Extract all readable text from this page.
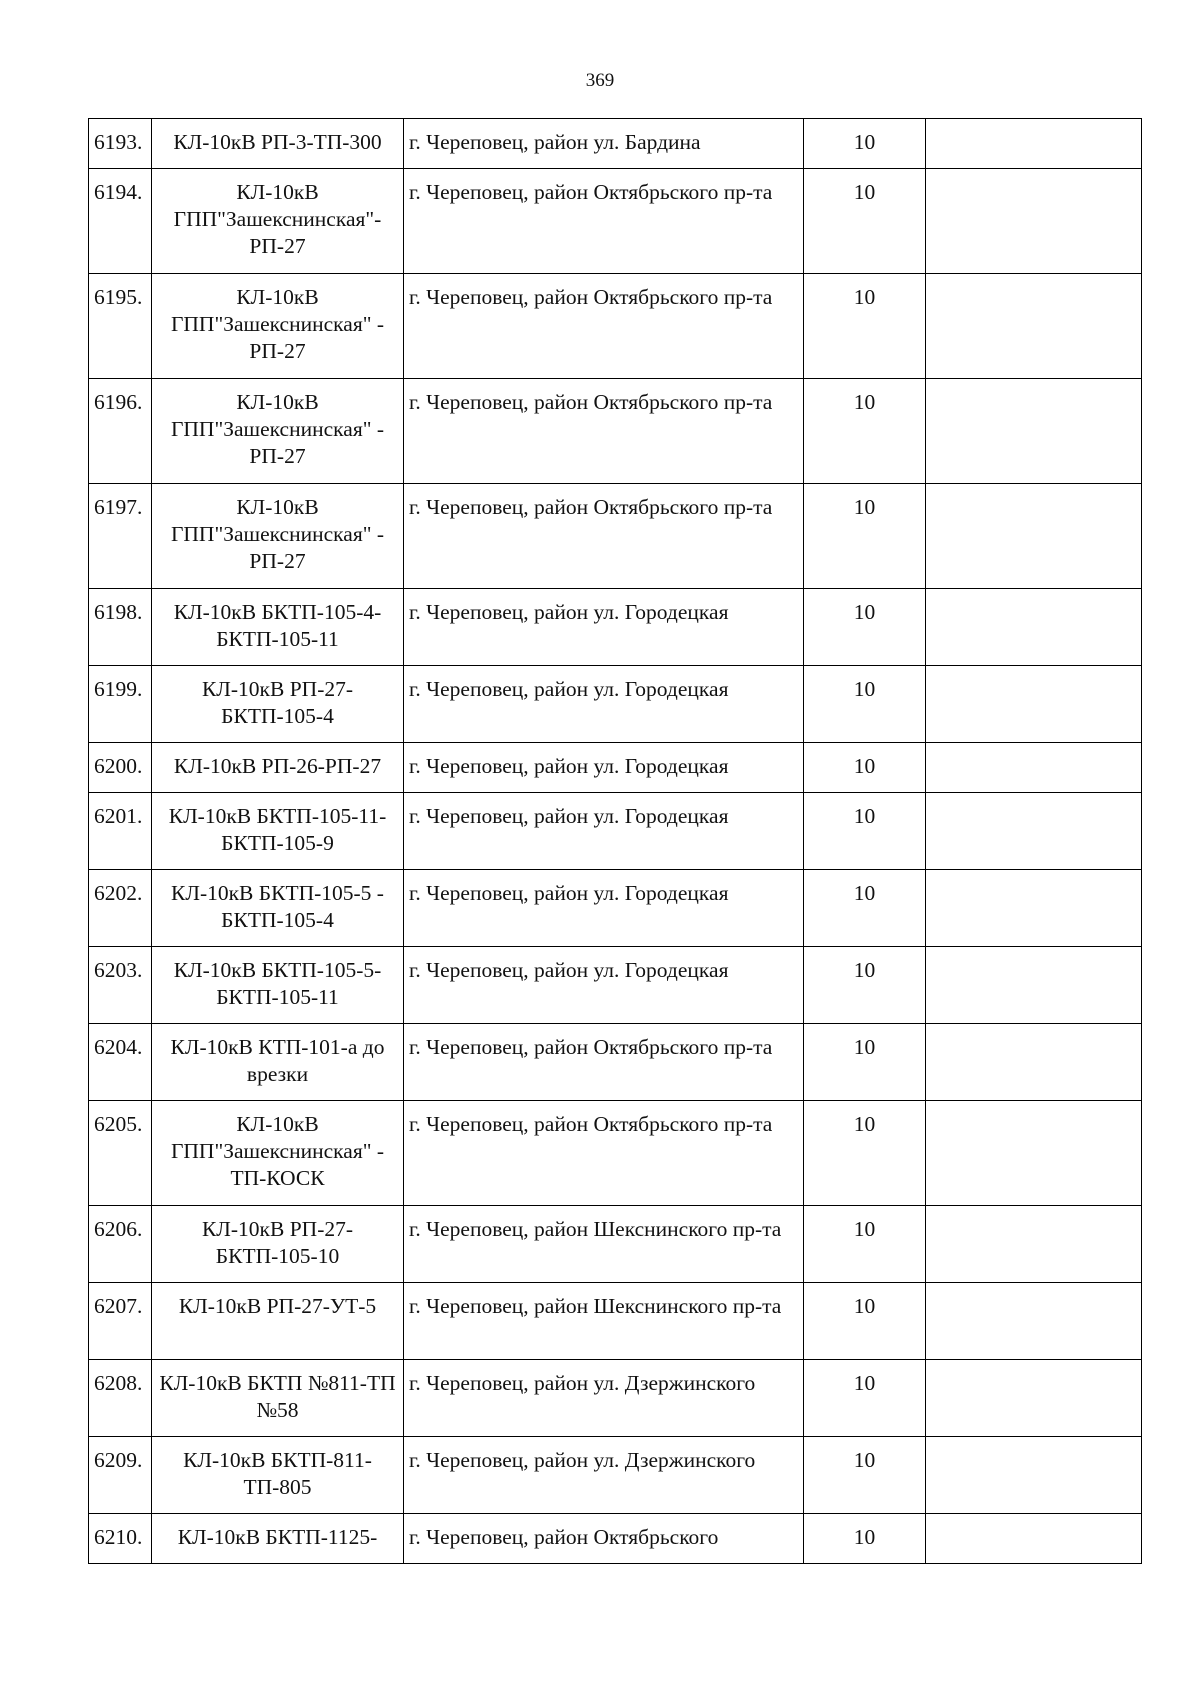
369
6193.	КЛ-10кВ РП-3-ТП-300	г. Череповец, район ул. Бардина	10	
6194.	КЛ-10кВ ГПП"Зашекснинская"-РП-27	г. Череповец, район Октябрьского пр-та	10	
6195.	КЛ-10кВ ГПП"Зашекснинская" - РП-27	г. Череповец, район Октябрьского пр-та	10	
6196.	КЛ-10кВ ГПП"Зашекснинская" - РП-27	г. Череповец, район Октябрьского пр-та	10	
6197.	КЛ-10кВ ГПП"Зашекснинская" - РП-27	г. Череповец, район Октябрьского пр-та	10	
6198.	КЛ-10кВ БКТП-105-4-БКТП-105-11	г. Череповец, район ул. Городецкая	10	
6199.	КЛ-10кВ РП-27-БКТП-105-4	г. Череповец, район ул. Городецкая	10	
6200.	КЛ-10кВ РП-26-РП-27	г. Череповец, район ул. Городецкая	10	
6201.	КЛ-10кВ БКТП-105-11-БКТП-105-9	г. Череповец, район ул. Городецкая	10	
6202.	КЛ-10кВ БКТП-105-5 - БКТП-105-4	г. Череповец, район ул. Городецкая	10	
6203.	КЛ-10кВ БКТП-105-5-БКТП-105-11	г. Череповец, район ул. Городецкая	10	
6204.	КЛ-10кВ КТП-101-а до врезки	г. Череповец, район Октябрьского пр-та	10	
6205.	КЛ-10кВ ГПП"Зашекснинская" - ТП-КОСК	г. Череповец, район Октябрьского пр-та	10	
6206.	КЛ-10кВ РП-27-БКТП-105-10	г. Череповец, район Шекснинского пр-та	10	
6207.	КЛ-10кВ РП-27-УТ-5	г. Череповец, район Шекснинского пр-та	10	
6208.	КЛ-10кВ БКТП №811-ТП №58	г. Череповец, район ул. Дзержинского	10	
6209.	КЛ-10кВ БКТП-811-ТП-805	г. Череповец, район ул. Дзержинского	10	
6210.	КЛ-10кВ БКТП-1125-	г. Череповец, район Октябрьского	10	
